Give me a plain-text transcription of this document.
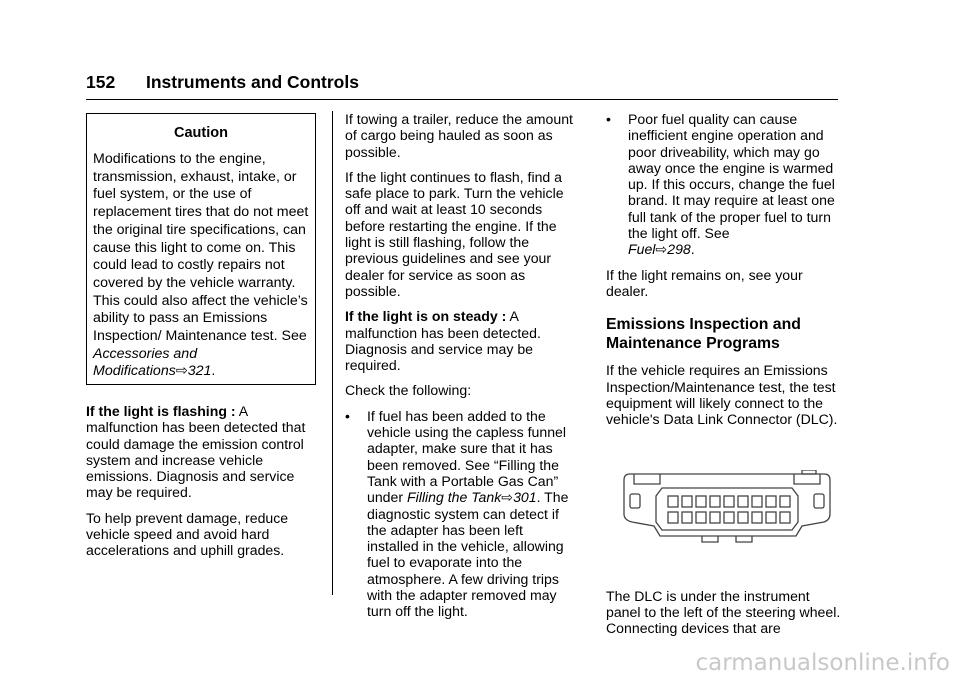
152 Instruments and Controls
Caution
Modifications to the engine, transmission, exhaust, intake, or fuel system, or the use of replacement tires that do not meet the original tire specifications, can cause this light to come on. This could lead to costly repairs not covered by the vehicle warranty. This could also affect the vehicle’s ability to pass an Emissions Inspection/ Maintenance test. See
Accessories and
Modifications⇨321.

If the light is flashing : A malfunction has been detected that could damage the emission control system and increase vehicle emissions. Diagnosis and service may be required.

To help prevent damage, reduce vehicle speed and avoid hard accelerations and uphill grades.

If towing a trailer, reduce the amount of cargo being hauled as soon as possible.

If the light continues to flash, find a safe place to park. Turn the vehicle off and wait at least 10 seconds before restarting the engine. If the light is still flashing, follow the previous guidelines and see your dealer for service as soon as possible.

If the light is on steady : A malfunction has been detected. Diagnosis and service may be required.

Check the following:

• If fuel has been added to the vehicle using the capless funnel adapter, make sure that it has been removed. See “Filling the Tank with a Portable Gas Can” under Filling the Tank⇨301. The diagnostic system can detect if the adapter has been left installed in the vehicle, allowing fuel to evaporate into the atmosphere. A few driving trips with the adapter removed may turn off the light.
• Poor fuel quality can cause inefficient engine operation and poor driveability, which may go away once the engine is warmed up. If this occurs, change the fuel brand. It may require at least one full tank of the proper fuel to turn the light off. See
Fuel⇨298.

If the light remains on, see your dealer.

Emissions Inspection and Maintenance Programs

If the vehicle requires an Emissions Inspection/Maintenance test, the test equipment will likely connect to the vehicle's Data Link Connector (DLC).

The DLC is under the instrument panel to the left of the steering wheel. Connecting devices that are

carmanualsonline.info
